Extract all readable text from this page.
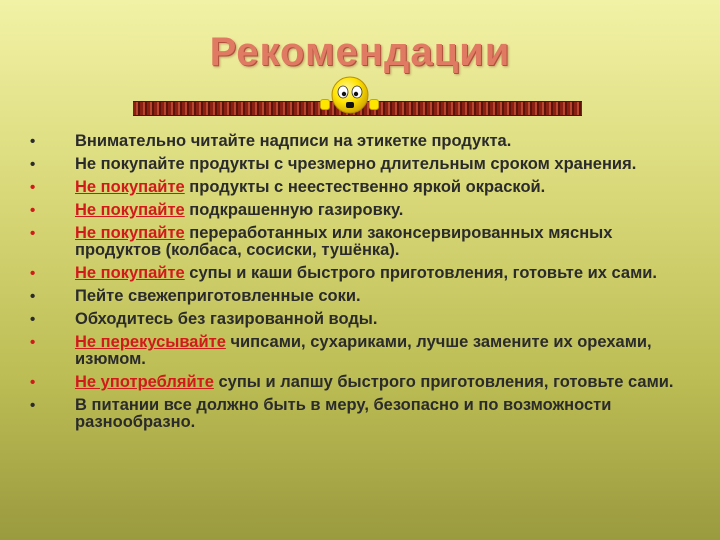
Рекомендации
• Внимательно читайте надписи на этикетке продукта.
• Не покупайте продукты с чрезмерно длительным сроком хранения.
• Не покупайте продукты с неестественно яркой окраской.
• Не покупайте подкрашенную газировку.
• Не покупайте переработанных или законсервированных мясных продуктов (колбаса, сосиски, тушёнка).
• Не покупайте супы и каши быстрого приготовления, готовьте их сами.
• Пейте свежеприготовленные соки.
• Обходитесь без газированной воды.
• Не перекусывайте чипсами, сухариками, лучше замените их орехами, изюмом.
• Не употребляйте супы и лапшу быстрого приготовления, готовьте сами.
• В питании все должно быть в меру, безопасно и по возможности разнообразно.
